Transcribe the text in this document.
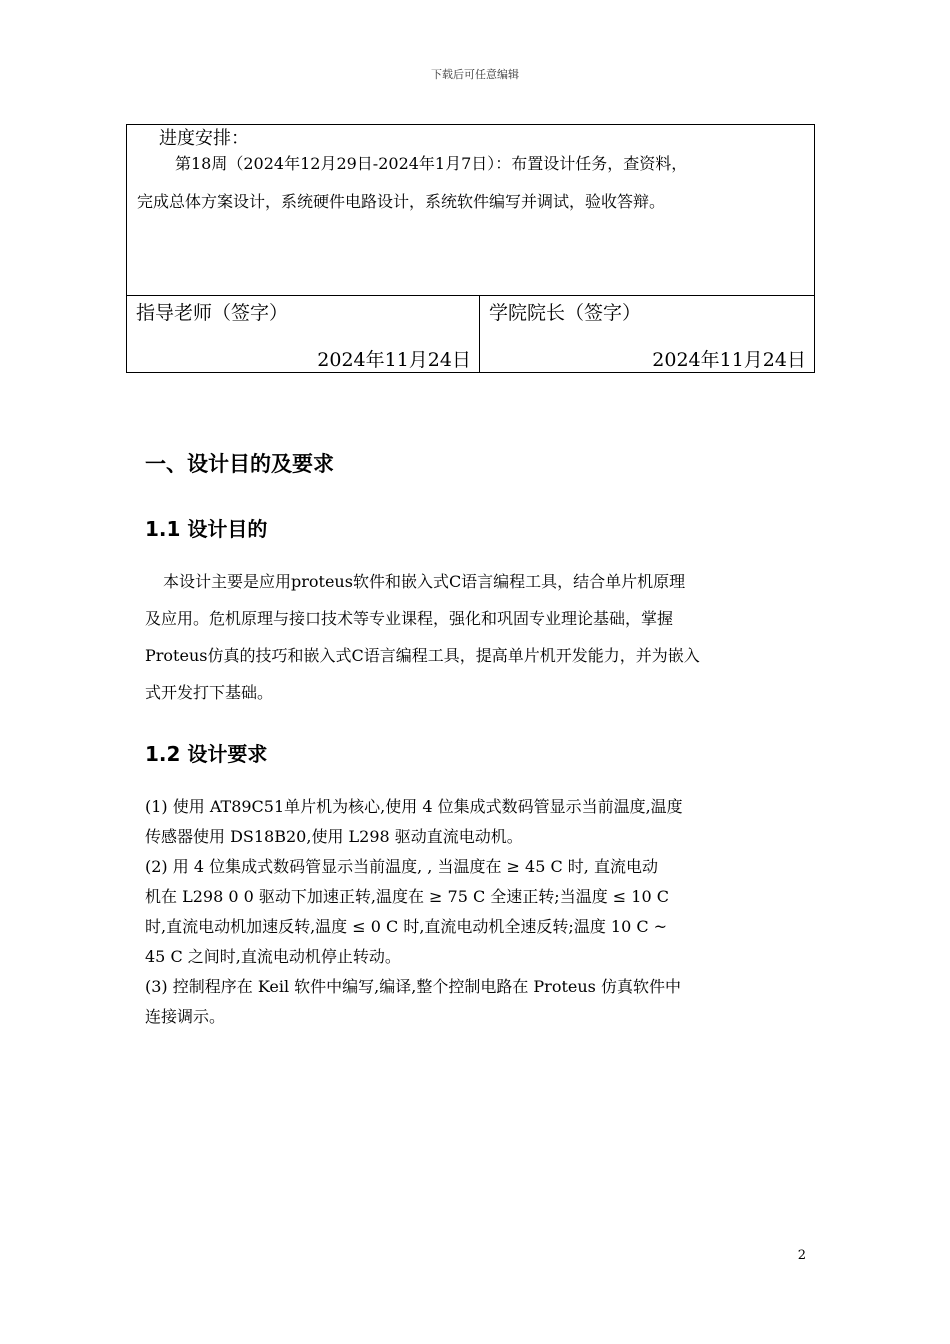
下载后可任意编辑
进度安排：
第18周（2024年12月29日-2024年1月7日）：布置设计任务，查资料，
完成总体方案设计，系统硬件电路设计，系统软件编写并调试，验收答辩。
指导老师（签字）
2024年11月24日
学院院长（签字）
2024年11月24日
一、设计目的及要求
1.1 设计目的
本设计主要是应用proteus软件和嵌入式C语言编程工具，结合单片机原理
及应用。危机原理与接口技术等专业课程，强化和巩固专业理论基础，掌握
Proteus仿真的技巧和嵌入式C语言编程工具，提高单片机开发能力，并为嵌入
式开发打下基础。
1.2 设计要求
(1) 使用 AT89C51单片机为核心,使用 4 位集成式数码管显示当前温度,温度
传感器使用 DS18B20,使用 L298 驱动直流电动机。
(2) 用 4 位集成式数码管显示当前温度, , 当温度在 ≥ 45 C 时, 直流电动
机在 L298 0 0 驱动下加速正转,温度在 ≥ 75 C 全速正转;当温度 ≤ 10 C
时,直流电动机加速反转,温度 ≤ 0 C 时,直流电动机全速反转;温度 10 C ~
45 C 之间时,直流电动机停止转动。
(3) 控制程序在 Keil 软件中编写,编译,整个控制电路在 Proteus 仿真软件中
连接调示。
2
